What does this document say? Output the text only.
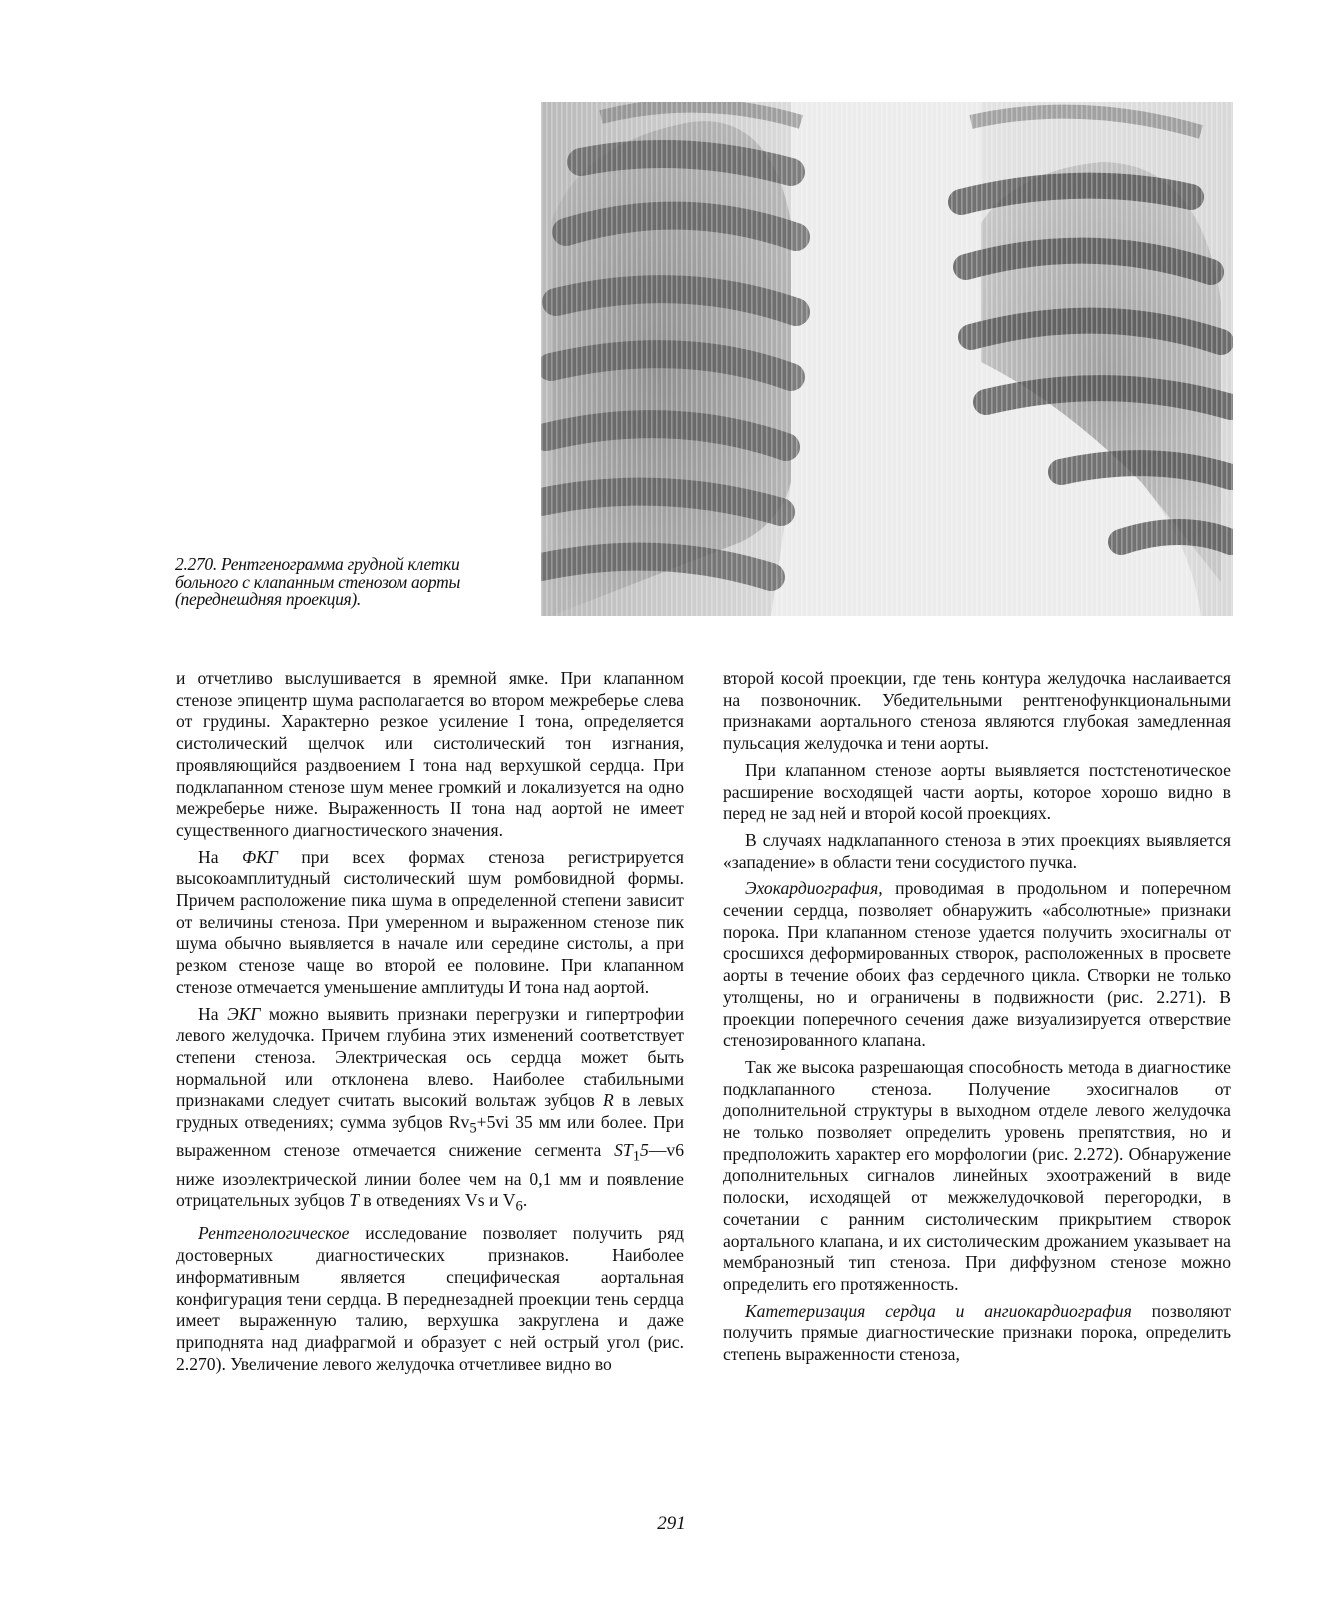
2.270. Рентгенограмма грудной клетки
больного с клапанным стенозом аорты
(переднешдняя проекция).

и отчетливо выслушивается в яремной ямке. При клапанном стенозе эпицентр шума располагается во втором межреберье слева от грудины. Характерно резкое усиление I тона, определяется систолический щелчок или систолический тон изгнания, проявляющийся раздвоением I тона над верхушкой сердца. При подклапанном стенозе шум менее громкий и локализуется на одно межреберье ниже. Выраженность II тона над аортой не имеет существенного диагностического значения.

На ФКГ при всех формах стеноза регистрируется высокоамплитудный систолический шум ромбовидной формы. Причем расположение пика шума в определенной степени зависит от величины стеноза. При умеренном и выраженном стенозе пик шума обычно выявляется в начале или середине систолы, а при резком стенозе чаще во второй ее половине. При клапанном стенозе отмечается уменьшение амплитуды И тона над аортой.

На ЭКГ можно выявить признаки перегрузки и гипертрофии левого желудочка. Причем глубина этих изменений соответствует степени стеноза. Электрическая ось сердца может быть нормальной или отклонена влево. Наиболее стабильными признаками следует считать высокий вольтаж зубцов R в левых грудных отведениях; сумма зубцов $Rv_5+5vi$ 35 мм или более. При выраженном стенозе отмечается снижение сегмента $ST_15—v6$ ниже изоэлектрической линии более чем на 0,1 мм и появление отрицательных зубцов T в отведениях Vs и $V_6$.

Рентгенологическое исследование позволяет получить ряд достоверных диагностических признаков. Наиболее информативным является специфическая аортальная конфигурация тени сердца. В переднезадней проекции тень сердца имеет выраженную талию, верхушка закруглена и даже приподнята над диафрагмой и образует с ней острый угол (рис. 2.270). Увеличение левого желудочка отчетливее видно во

второй косой проекции, где тень контура желудочка наслаивается на позвоночник. Убедительными рентгенофункциональными признаками аортального стеноза являются глубокая замедленная пульсация желудочка и тени аорты.

При клапанном стенозе аорты выявляется постстенотическое расширение восходящей части аорты, которое хорошо видно в перед не зад ней и второй косой проекциях.

В случаях надклапанного стеноза в этих проекциях выявляется «западение» в области тени сосудистого пучка.

Эхокардиография, проводимая в продольном и поперечном сечении сердца, позволяет обнаружить «абсолютные» признаки порока. При клапанном стенозе удается получить эхосигналы от сросшихся деформированных створок, расположенных в просвете аорты в течение обоих фаз сердечного цикла. Створки не только утолщены, но и ограничены в подвижности (рис. 2.271). В проекции поперечного сечения даже визуализируется отверствие стенозированного клапана.

Так же высока разрешающая способность метода в диагностике подклапанного стеноза. Получение эхосигналов от дополнительной структуры в выходном отделе левого желудочка не только позволяет определить уровень препятствия, но и предположить характер его морфологии (рис. 2.272). Обнаружение дополнительных сигналов линейных эхоотражений в виде полоски, исходящей от межжелудочковой перегородки, в сочетании с ранним систолическим прикрытием створок аортального клапана, и их систолическим дрожанием указывает на мембранозный тип стеноза. При диффузном стенозе можно определить его протяженность.

Катетеризация сердца и ангиокардиография позволяют получить прямые диагностические признаки порока, определить степень выраженности стеноза,

291
